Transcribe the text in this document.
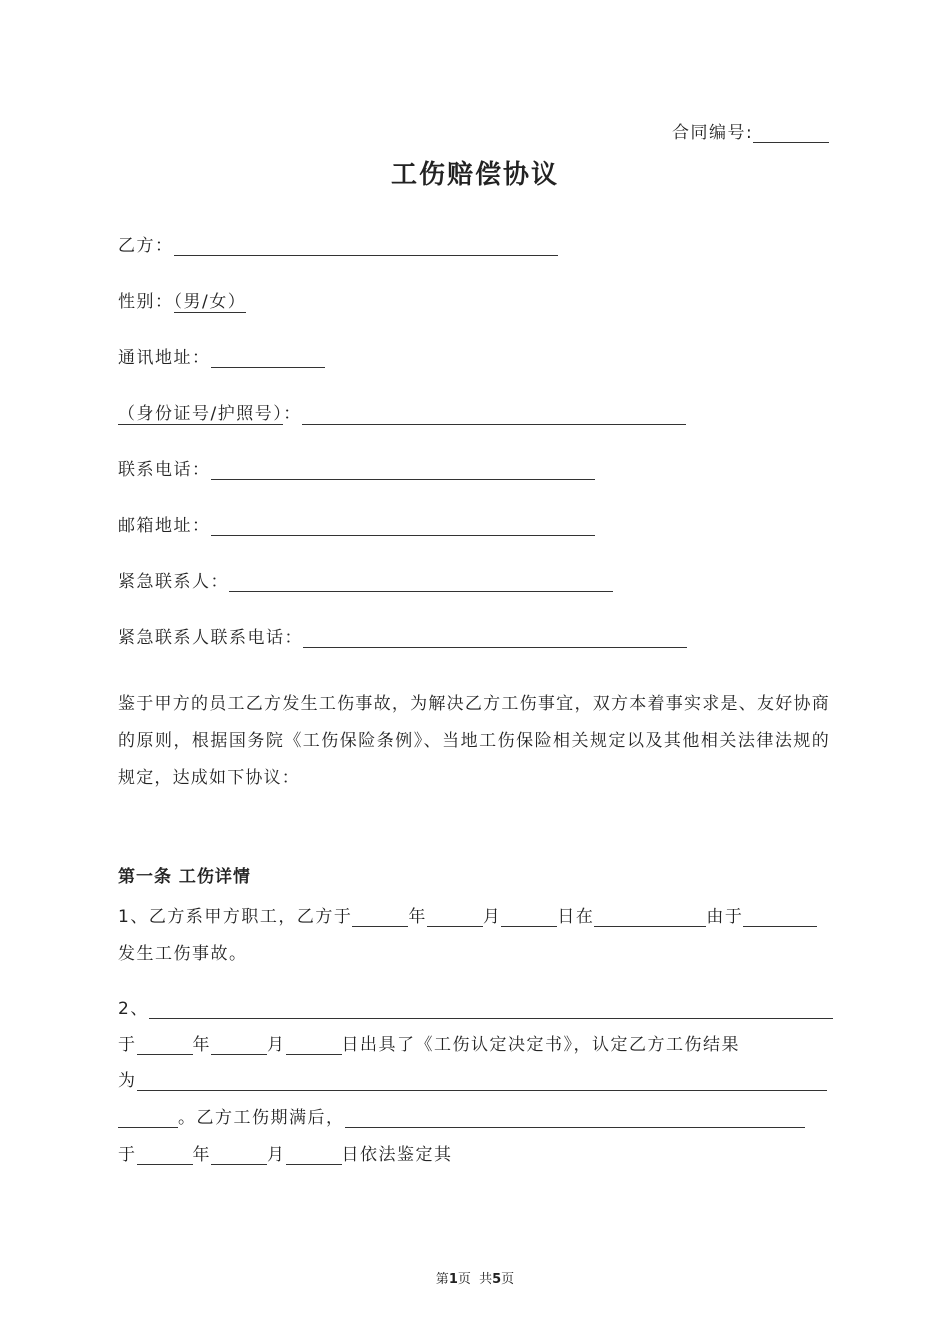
合同编号:
工伤赔偿协议
乙方：
性别：（男/女）
通讯地址：
（身份证号/护照号）：
联系电话：
邮箱地址：
紧急联系人：
紧急联系人联系电话：
鉴于甲方的员工乙方发生工伤事故，为解决乙方工伤事宜，双方本着事实求是、友好协商的原则，根据国务院《工伤保险条例》、当地工伤保险相关规定以及其他相关法律法规的规定，达成如下协议：
第一条 工伤详情
1、乙方系甲方职工，乙方于	年	月	日在	由于
发生工伤事故。
2、
于	年	月	日出具了《工伤认定决定书》，认定乙方工伤结果
为
。乙方工伤期满后，
于	年	月	日依法鉴定其
第1页  共5页
